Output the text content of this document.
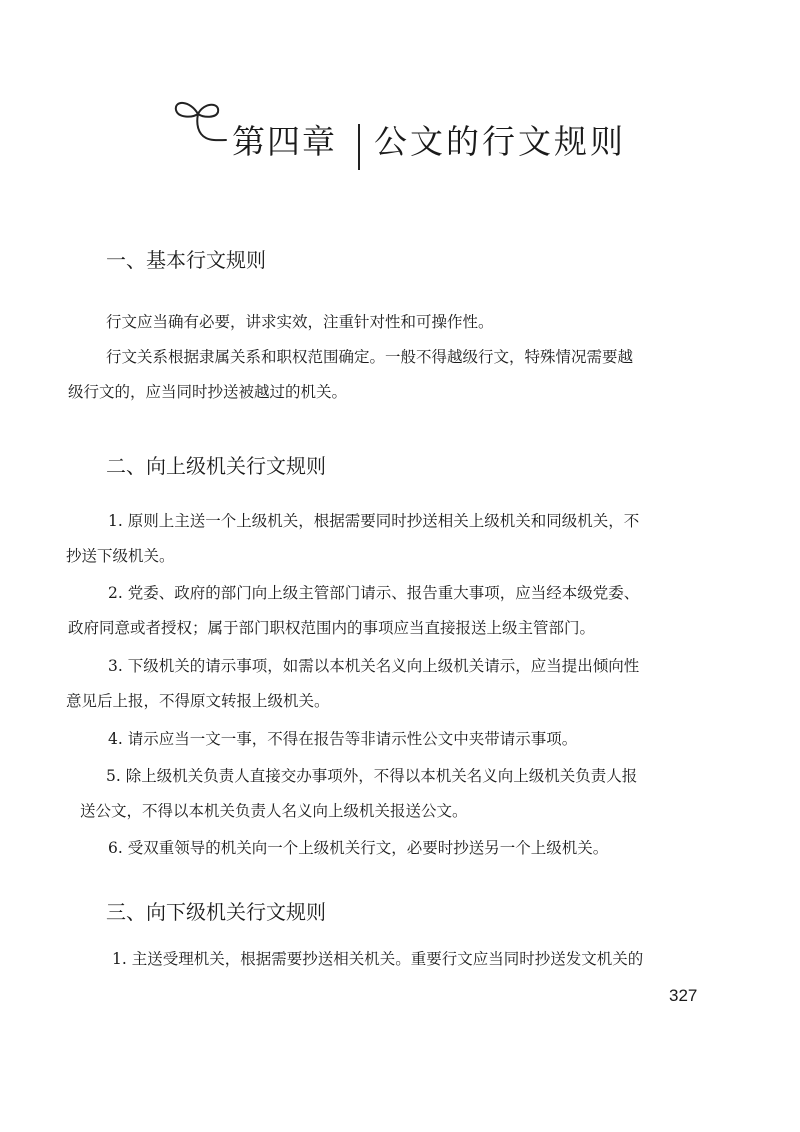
第四章 公文的行文规则
一、基本行文规则
行文应当确有必要，讲求实效，注重针对性和可操作性。
行文关系根据隶属关系和职权范围确定。一般不得越级行文，特殊情况需要越
级行文的，应当同时抄送被越过的机关。
二、向上级机关行文规则
1. 原则上主送一个上级机关，根据需要同时抄送相关上级机关和同级机关，不
抄送下级机关。
2. 党委、政府的部门向上级主管部门请示、报告重大事项，应当经本级党委、
政府同意或者授权；属于部门职权范围内的事项应当直接报送上级主管部门。
3. 下级机关的请示事项，如需以本机关名义向上级机关请示，应当提出倾向性
意见后上报，不得原文转报上级机关。
4. 请示应当一文一事，不得在报告等非请示性公文中夹带请示事项。
5. 除上级机关负责人直接交办事项外，不得以本机关名义向上级机关负责人报
送公文，不得以本机关负责人名义向上级机关报送公文。
6. 受双重领导的机关向一个上级机关行文，必要时抄送另一个上级机关。
三、向下级机关行文规则
1. 主送受理机关，根据需要抄送相关机关。重要行文应当同时抄送发文机关的
327
